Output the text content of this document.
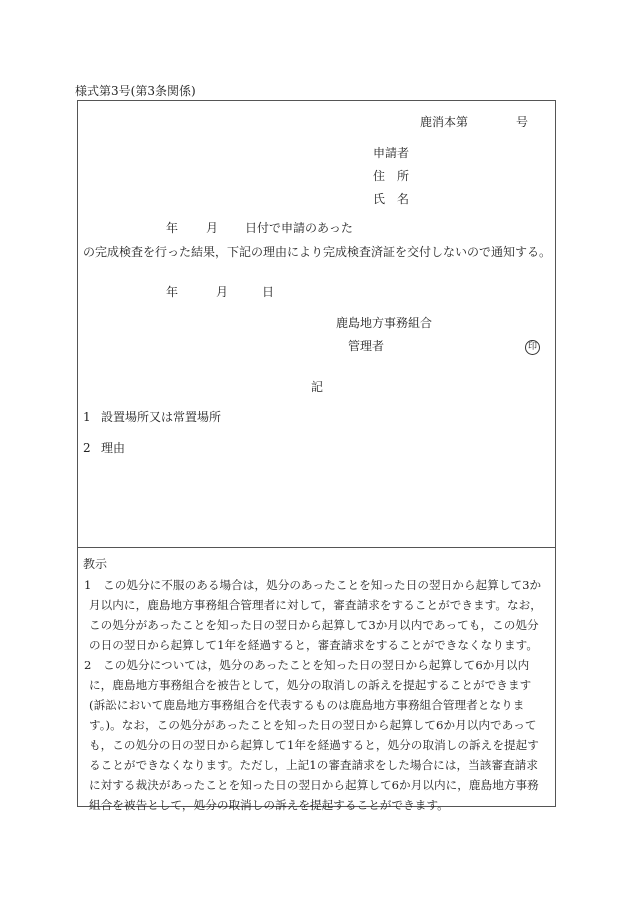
様式第3号(第3条関係)
鹿消本第	号
申請者
住　所
氏　名
年 月 日付で申請のあった
の完成検査を行った結果，下記の理由により完成検査済証を交付しないので通知する。
年	月	日
鹿島地方事務組合
管理者	印
記
1 設置場所又は常置場所
2 理由
教示
1　この処分に不服のある場合は，処分のあったことを知った日の翌日から起算して3か
月以内に，鹿島地方事務組合管理者に対して，審査請求をすることができます。なお，
この処分があったことを知った日の翌日から起算して3か月以内であっても，この処分
の日の翌日から起算して1年を経過すると，審査請求をすることができなくなります。
2　この処分については，処分のあったことを知った日の翌日から起算して6か月以内
に，鹿島地方事務組合を被告として，処分の取消しの訴えを提起することができます
(訴訟において鹿島地方事務組合を代表するものは鹿島地方事務組合管理者となりま
す。)。なお，この処分があったことを知った日の翌日から起算して6か月以内であって
も，この処分の日の翌日から起算して1年を経過すると，処分の取消しの訴えを提起す
ることができなくなります。ただし，上記1の審査請求をした場合には，当該審査請求
に対する裁決があったことを知った日の翌日から起算して6か月以内に，鹿島地方事務
組合を被告として，処分の取消しの訴えを提起することができます。
